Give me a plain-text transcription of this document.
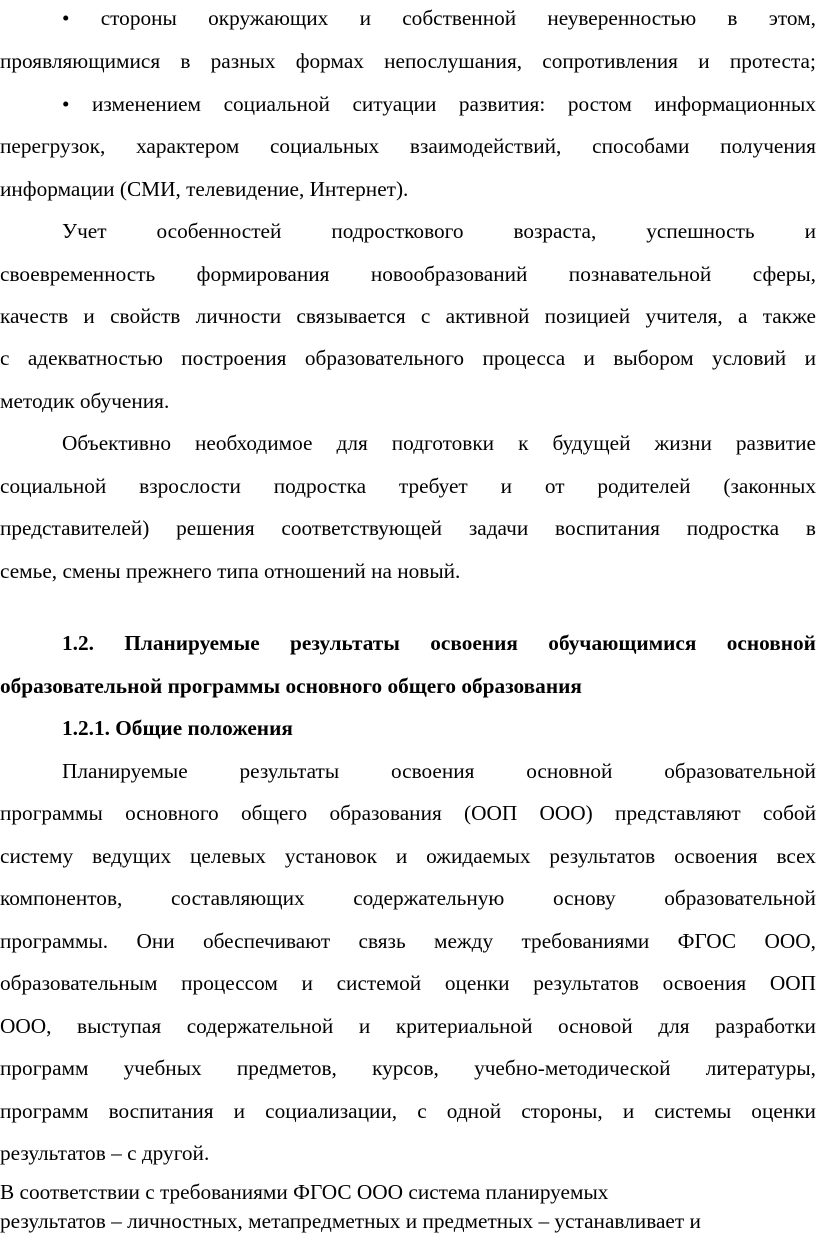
• стороны окружающих и собственной неуверенностью в этом,
проявляющимися в разных формах непослушания, сопротивления и протеста;
• изменением социальной ситуации развития: ростом информационных
перегрузок, характером социальных взаимодействий, способами получения
информации (СМИ, телевидение, Интернет).
Учет особенностей подросткового возраста, успешность и
своевременность формирования новообразований познавательной сферы,
качеств и свойств личности связывается с активной позицией учителя, а также
с адекватностью построения образовательного процесса и выбором условий и
методик обучения.
Объективно необходимое для подготовки к будущей жизни развитие
социальной взрослости подростка требует и от родителей (законных
представителей) решения соответствующей задачи воспитания подростка в
семье, смены прежнего типа отношений на новый.
1.2. Планируемые результаты освоения обучающимися основной
образовательной программы основного общего образования
1.2.1. Общие положения
Планируемые результаты освоения основной образовательной
программы основного общего образования (ООП ООО) представляют собой
систему ведущих целевых установок и ожидаемых результатов освоения всех
компонентов, составляющих содержательную основу образовательной
программы. Они обеспечивают связь между требованиями ФГОС ООО,
образовательным процессом и системой оценки результатов освоения ООП
ООО, выступая содержательной и критериальной основой для разработки
программ учебных предметов, курсов, учебно-методической литературы,
программ воспитания и социализации, с одной стороны, и системы оценки
результатов – с другой.
В соответствии с требованиями ФГОС ООО система планируемых
результатов – личностных, метапредметных и предметных – устанавливает и
